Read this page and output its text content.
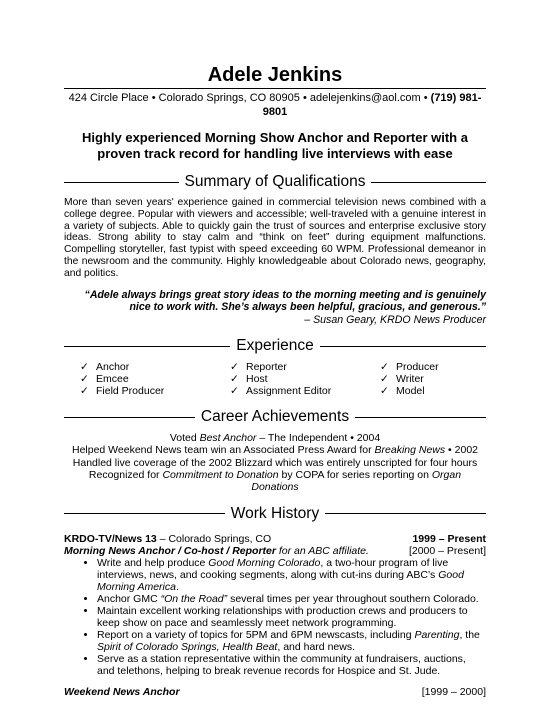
Adele Jenkins
424 Circle Place • Colorado Springs, CO 80905 • adelejenkins@aol.com • (719) 981-9801
Highly experienced Morning Show Anchor and Reporter with a proven track record for handling live interviews with ease
Summary of Qualifications
More than seven years' experience gained in commercial television news combined with a college degree. Popular with viewers and accessible; well-traveled with a genuine interest in a variety of subjects. Able to quickly gain the trust of sources and enterprise exclusive story ideas. Strong ability to stay calm and “think on feet” during equipment malfunctions. Compelling storyteller, fast typist with speed exceeding 60 WPM. Professional demeanor in the newsroom and the community. Highly knowledgeable about Colorado news, geography, and politics.
“Adele always brings great story ideas to the morning meeting and is genuinely nice to work with. She’s always been helpful, gracious, and generous.”
– Susan Geary, KRDO News Producer
Experience
✓ Anchor	✓ Reporter	✓ Producer
✓ Emcee	✓ Host	✓ Writer
✓ Field Producer	✓ Assignment Editor	✓ Model
Career Achievements
Voted Best Anchor – The Independent • 2004
Helped Weekend News team win an Associated Press Award for Breaking News • 2002
Handled live coverage of the 2002 Blizzard which was entirely unscripted for four hours
Recognized for Commitment to Donation by COPA for series reporting on Organ Donations
Work History
KRDO-TV/News 13 – Colorado Springs, CO	1999 – Present
Morning News Anchor / Co-host / Reporter for an ABC affiliate.	[2000 – Present]
• Write and help produce Good Morning Colorado, a two-hour program of live interviews, news, and cooking segments, along with cut-ins during ABC’s Good Morning America.
• Anchor GMC “On the Road” several times per year throughout southern Colorado.
• Maintain excellent working relationships with production crews and producers to keep show on pace and seamlessly meet network programming.
• Report on a variety of topics for 5PM and 6PM newscasts, including Parenting, the Spirit of Colorado Springs, Health Beat, and hard news.
• Serve as a station representative within the community at fundraisers, auctions, and telethons, helping to break revenue records for Hospice and St. Jude.
Weekend News Anchor	[1999 – 2000]
